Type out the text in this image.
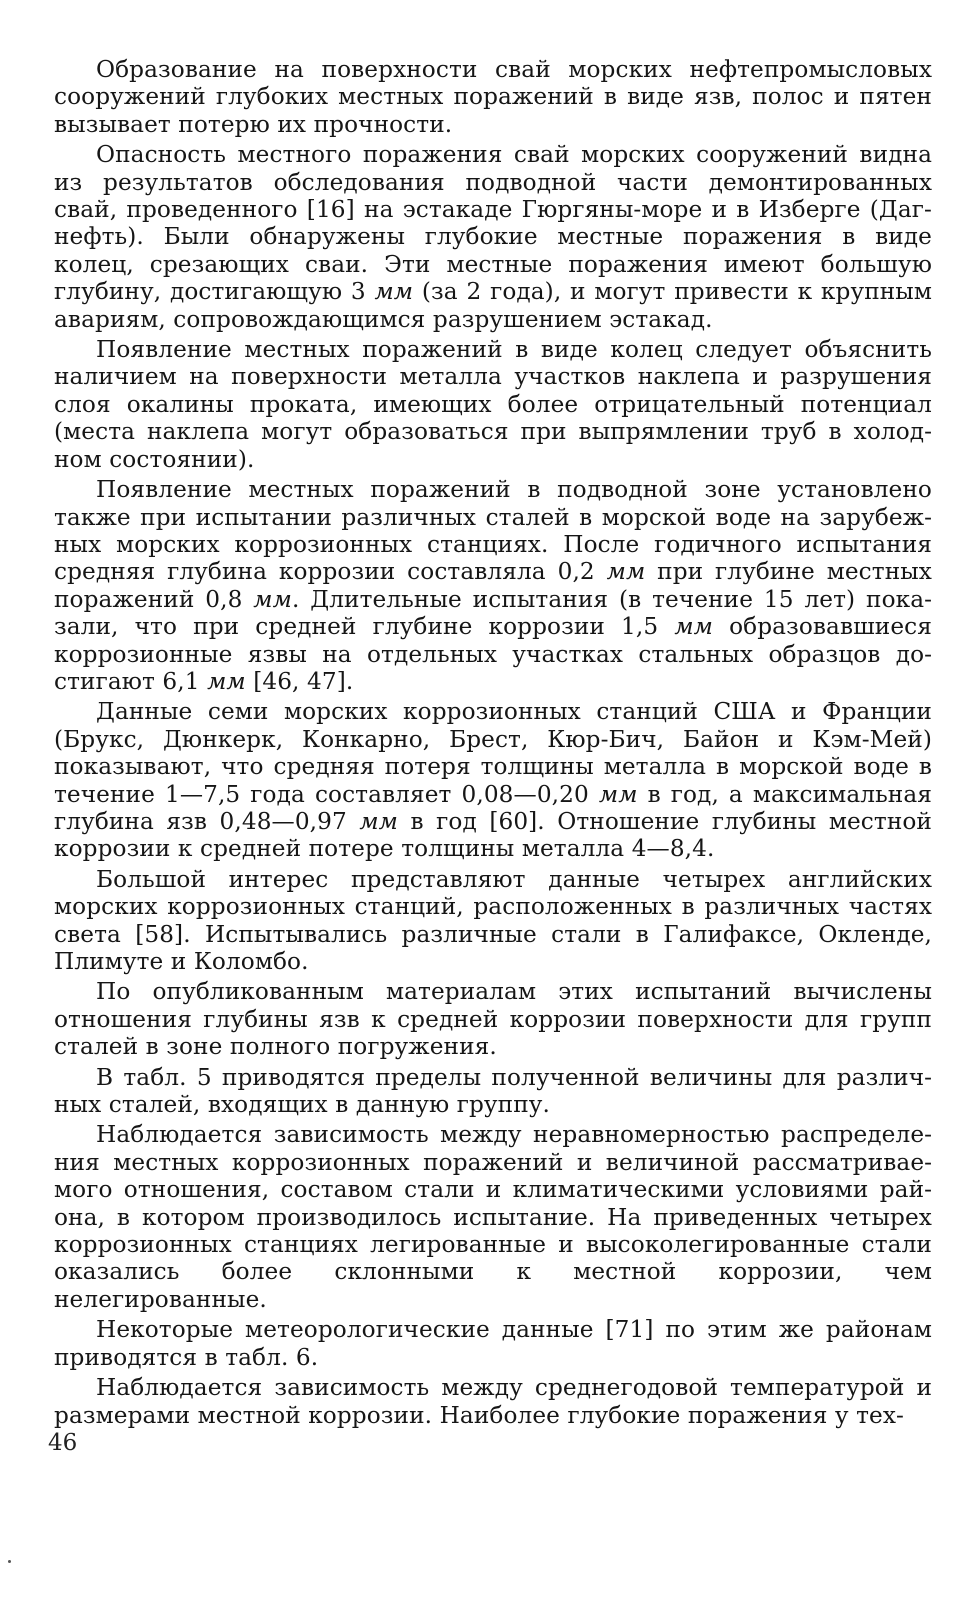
Образование на поверхности свай морских нефтепромысловых сооружений глубоких местных поражений в виде язв, полос и пятен вызывает потерю их прочности.

Опасность местного поражения свай морских сооружений видна из результатов обследования подводной части демонтированных свай, проведенного [16] на эстакаде Гюргяны-море и в Изберге (Даг-нефть). Были обнаружены глубокие местные поражения в виде колец, срезающих сваи. Эти местные поражения имеют большую глубину, достигающую 3 мм (за 2 года), и могут привести к крупным авариям, сопровождающимся разрушением эстакад.

Появление местных поражений в виде колец следует объяснить наличием на поверхности металла участков наклепа и разрушения слоя окалины проката, имеющих более отрицательный потенциал (места наклепа могут образоваться при выпрямлении труб в холодном состоянии).

Появление местных поражений в подводной зоне установлено также при испытании различных сталей в морской воде на зарубежных морских коррозионных станциях. После годичного испытания средняя глубина коррозии составляла 0,2 мм при глубине местных поражений 0,8 мм. Длительные испытания (в течение 15 лет) показали, что при средней глубине коррозии 1,5 мм образовавшиеся коррозионные язвы на отдельных участках стальных образцов достигают 6,1 мм [46, 47].

Данные семи морских коррозионных станций США и Франции (Брукс, Дюнкерк, Конкарно, Брест, Кюр-Бич, Байон и Кэм-Мей) показывают, что средняя потеря толщины металла в морской воде в течение 1—7,5 года составляет 0,08—0,20 мм в год, а максимальная глубина язв 0,48—0,97 мм в год [60]. Отношение глубины местной коррозии к средней потере толщины металла 4—8,4.

Большой интерес представляют данные четырех английских морских коррозионных станций, расположенных в различных частях света [58]. Испытывались различные стали в Галифаксе, Окленде, Плимуте и Коломбо.

По опубликованным материалам этих испытаний вычислены отношения глубины язв к средней коррозии поверхности для групп сталей в зоне полного погружения.

В табл. 5 приводятся пределы полученной величины для различных сталей, входящих в данную группу.

Наблюдается зависимость между неравномерностью распределения местных коррозионных поражений и величиной рассматриваемого отношения, составом стали и климатическими условиями района, в котором производилось испытание. На приведенных четырех коррозионных станциях легированные и высоколегированные стали оказались более склонными к местной коррозии, чем нелегированные.

Некоторые метеорологические данные [71] по этим же районам приводятся в табл. 6.

Наблюдается зависимость между среднегодовой температурой и размерами местной коррозии. Наиболее глубокие поражения у тех-

46
